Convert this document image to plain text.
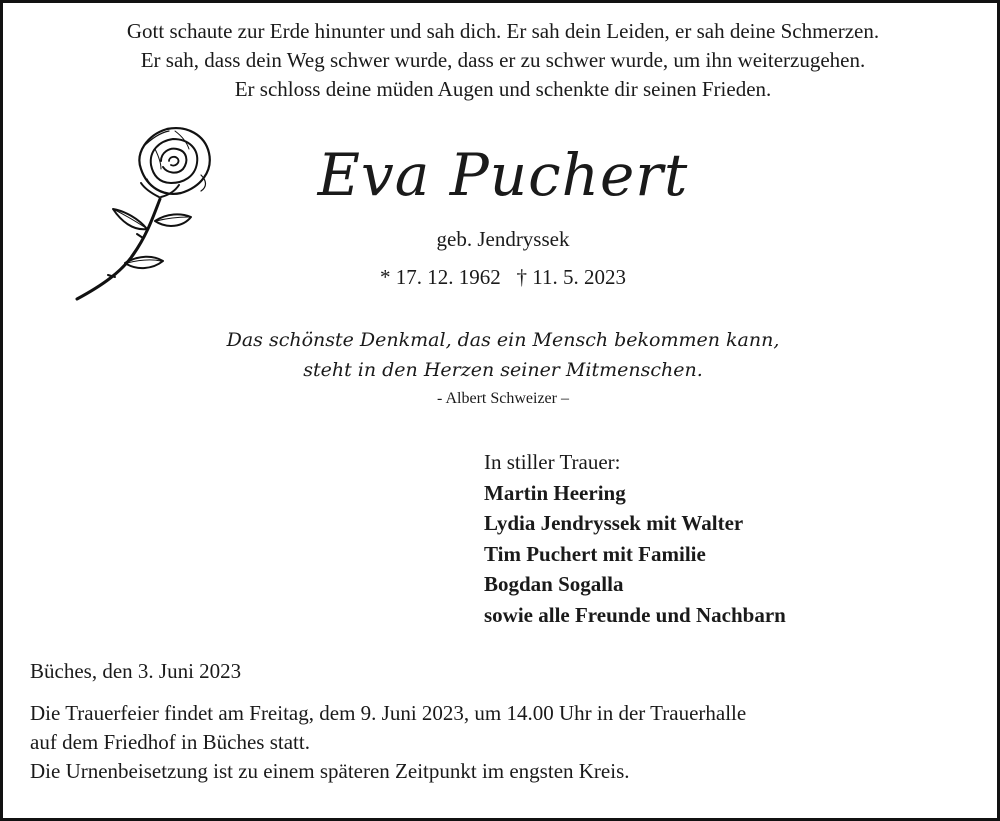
Gott schaute zur Erde hinunter und sah dich. Er sah dein Leiden, er sah deine Schmerzen.
Er sah, dass dein Weg schwer wurde, dass er zu schwer wurde, um ihn weiterzugehen.
Er schloss deine müden Augen und schenkte dir seinen Frieden.
Eva Puchert
geb. Jendryssek
* 17. 12. 1962   † 11. 5. 2023
Das schönste Denkmal, das ein Mensch bekommen kann,
steht in den Herzen seiner Mitmenschen.
- Albert Schweizer –
In stiller Trauer:
Martin Heering
Lydia Jendryssek mit Walter
Tim Puchert mit Familie
Bogdan Sogalla
sowie alle Freunde und Nachbarn
Büches, den 3. Juni 2023
Die Trauerfeier findet am Freitag, dem 9. Juni 2023, um 14.00 Uhr in der Trauerhalle
auf dem Friedhof in Büches statt.
Die Urnenbeisetzung ist zu einem späteren Zeitpunkt im engsten Kreis.
